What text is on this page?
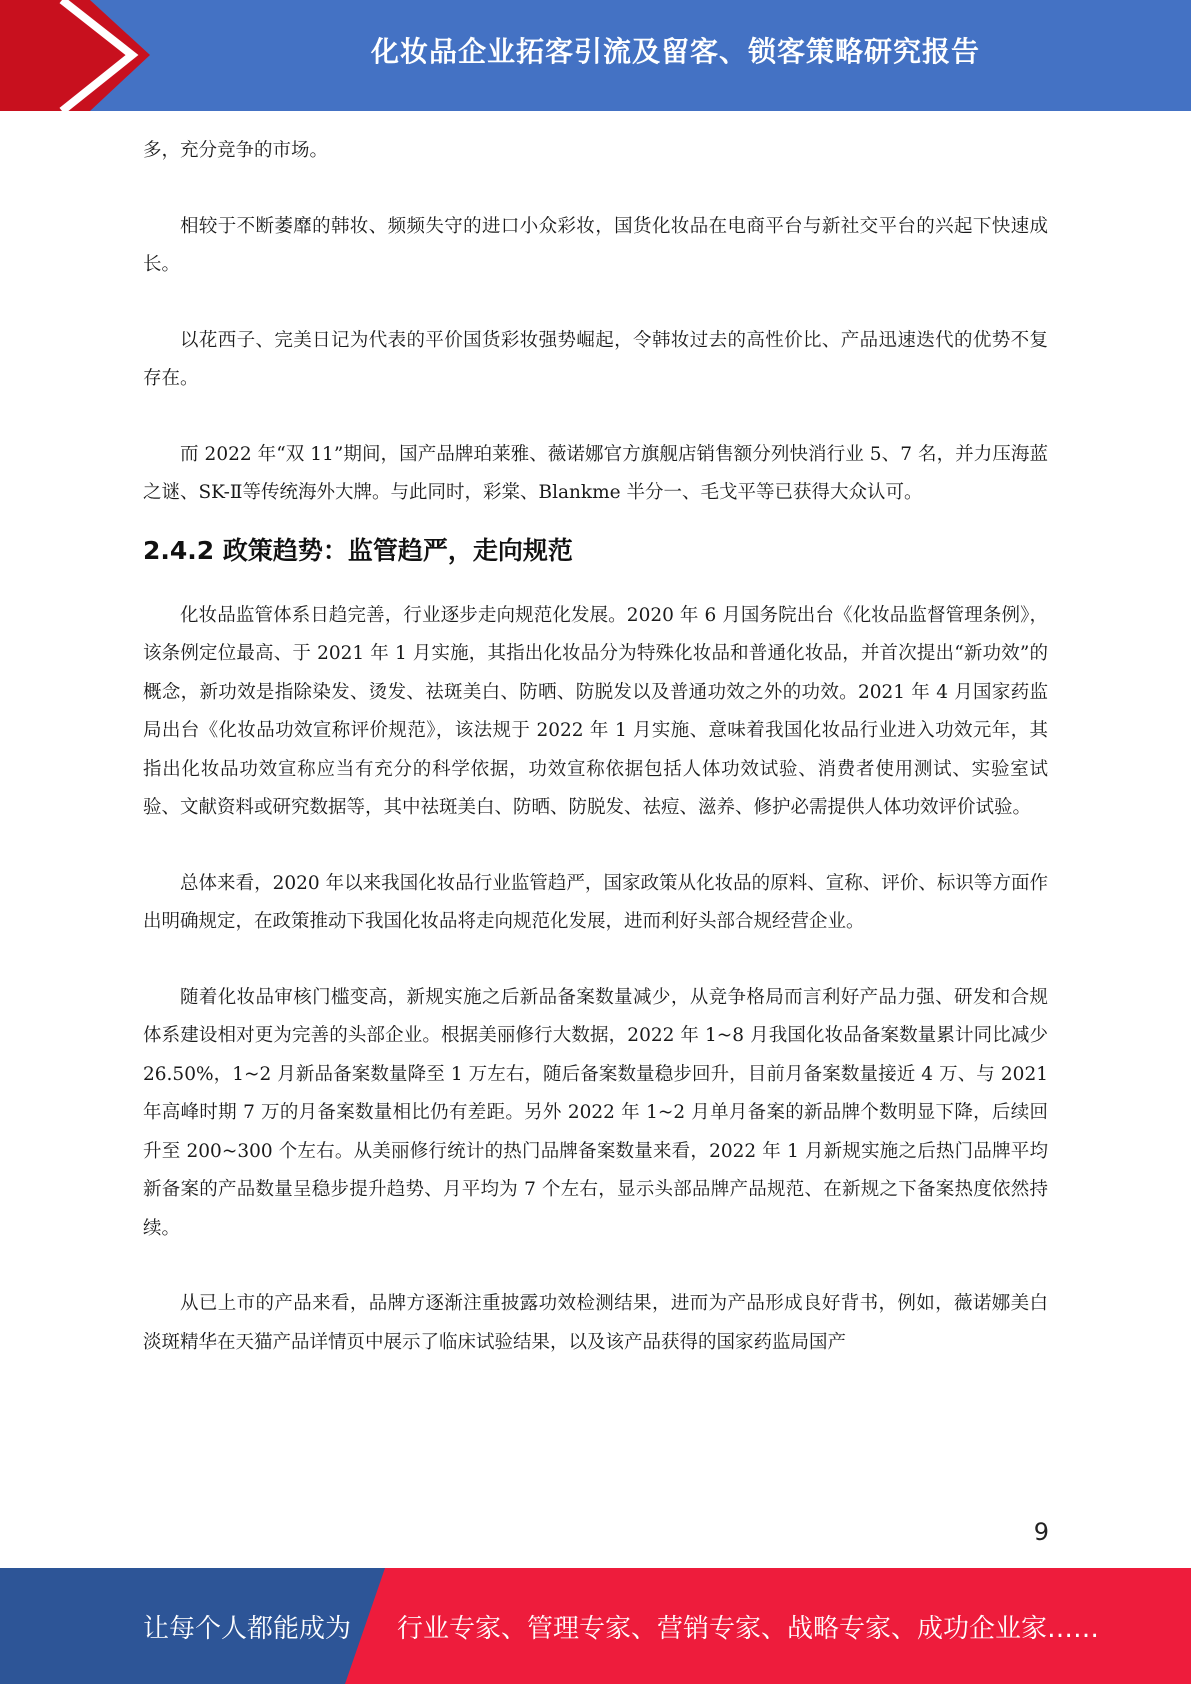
化妆品企业拓客引流及留客、锁客策略研究报告

多，充分竞争的市场。

相较于不断萎靡的韩妆、频频失守的进口小众彩妆，国货化妆品在电商平台与新社交平台的兴起下快速成长。

以花西子、完美日记为代表的平价国货彩妆强势崛起，令韩妆过去的高性价比、产品迅速迭代的优势不复存在。

而 2022 年“双 11”期间，国产品牌珀莱雅、薇诺娜官方旗舰店销售额分列快消行业 5、7 名，并力压海蓝之谜、SK-Ⅱ等传统海外大牌。与此同时，彩棠、Blankme 半分一、毛戈平等已获得大众认可。

2.4.2 政策趋势：监管趋严，走向规范

化妆品监管体系日趋完善，行业逐步走向规范化发展。2020 年 6 月国务院出台《化妆品监督管理条例》，该条例定位最高、于 2021 年 1 月实施，其指出化妆品分为特殊化妆品和普通化妆品，并首次提出“新功效”的概念，新功效是指除染发、烫发、祛斑美白、防晒、防脱发以及普通功效之外的功效。2021 年 4 月国家药监局出台《化妆品功效宣称评价规范》，该法规于 2022 年 1 月实施、意味着我国化妆品行业进入功效元年，其指出化妆品功效宣称应当有充分的科学依据，功效宣称依据包括人体功效试验、消费者使用测试、实验室试验、文献资料或研究数据等，其中祛斑美白、防晒、防脱发、祛痘、滋养、修护必需提供人体功效评价试验。

总体来看，2020 年以来我国化妆品行业监管趋严，国家政策从化妆品的原料、宣称、评价、标识等方面作出明确规定，在政策推动下我国化妆品将走向规范化发展，进而利好头部合规经营企业。

随着化妆品审核门槛变高，新规实施之后新品备案数量减少，从竞争格局而言利好产品力强、研发和合规体系建设相对更为完善的头部企业。根据美丽修行大数据，2022 年 1~8 月我国化妆品备案数量累计同比减少 26.50%，1~2 月新品备案数量降至 1 万左右，随后备案数量稳步回升，目前月备案数量接近 4 万、与 2021 年高峰时期 7 万的月备案数量相比仍有差距。另外 2022 年 1~2 月单月备案的新品牌个数明显下降，后续回升至 200~300 个左右。从美丽修行统计的热门品牌备案数量来看，2022 年 1 月新规实施之后热门品牌平均新备案的产品数量呈稳步提升趋势、月平均为 7 个左右，显示头部品牌产品规范、在新规之下备案热度依然持续。

从已上市的产品来看，品牌方逐渐注重披露功效检测结果，进而为产品形成良好背书，例如，薇诺娜美白淡斑精华在天猫产品详情页中展示了临床试验结果，以及该产品获得的国家药监局国产

9
让每个人都能成为 行业专家、管理专家、营销专家、战略专家、成功企业家……
